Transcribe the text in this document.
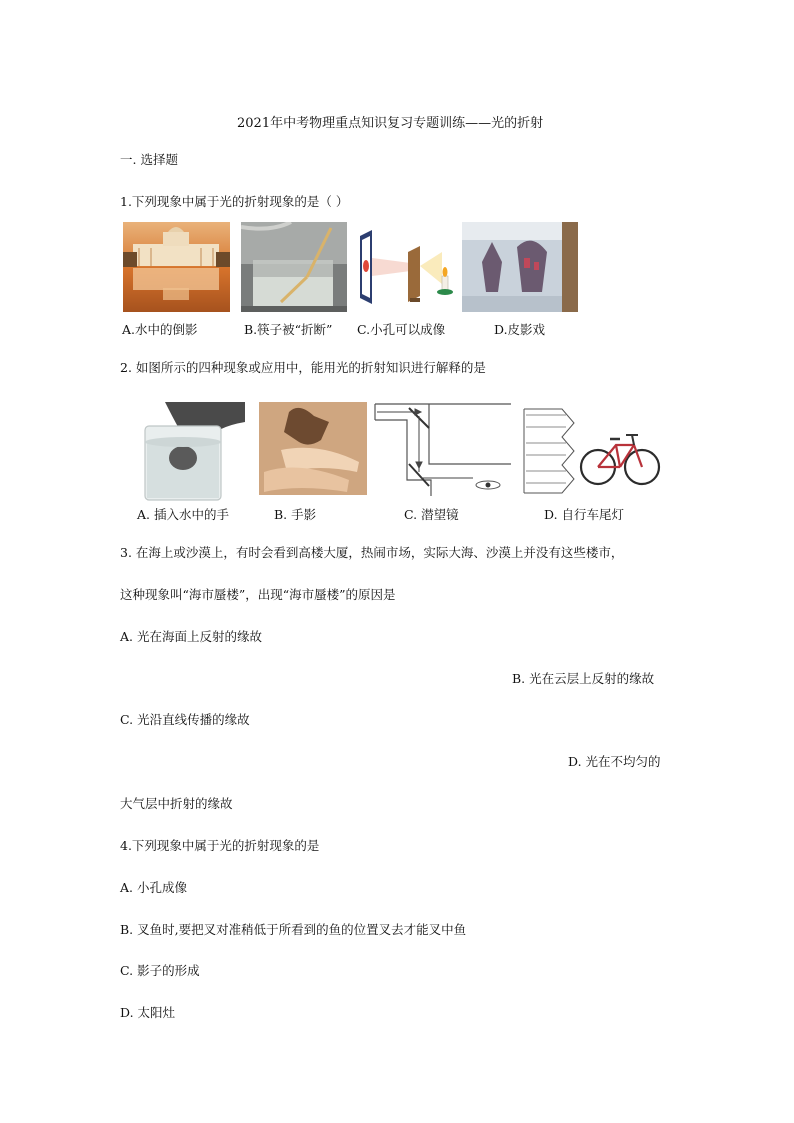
2021年中考物理重点知识复习专题训练——光的折射
一. 选择题
1.下列现象中属于光的折射现象的是（ ）
A.水中的倒影	B.筷子被“折断” C.小孔可以成像	D.皮影戏
2. 如图所示的四种现象或应用中，能用光的折射知识进行解释的是
A. 插入水中的手	B. 手影	C. 潜望镜	D. 自行车尾灯
3. 在海上或沙漠上，有时会看到高楼大厦，热闹市场，实际大海、沙漠上并没有这些楼市，
这种现象叫“海市蜃楼”，出现“海市蜃楼”的原因是
A. 光在海面上反射的缘故
B. 光在云层上反射的缘故
C. 光沿直线传播的缘故
D. 光在不均匀的
大气层中折射的缘故
4.下列现象中属于光的折射现象的是
A. 小孔成像
B. 叉鱼时,要把叉对准稍低于所看到的鱼的位置叉去才能叉中鱼
C. 影子的形成
D. 太阳灶
